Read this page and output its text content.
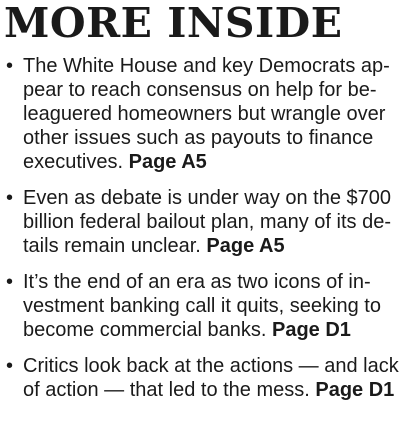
MORE INSIDE
• The White House and key Democrats ap-
pear to reach consensus on help for be-
leaguered homeowners but wrangle over
other issues such as payouts to finance
executives. Page A5
• Even as debate is under way on the $700
billion federal bailout plan, many of its de-
tails remain unclear. Page A5
• It’s the end of an era as two icons of in-
vestment banking call it quits, seeking to
become commercial banks. Page D1
• Critics look back at the actions — and lack
of action — that led to the mess. Page D1
